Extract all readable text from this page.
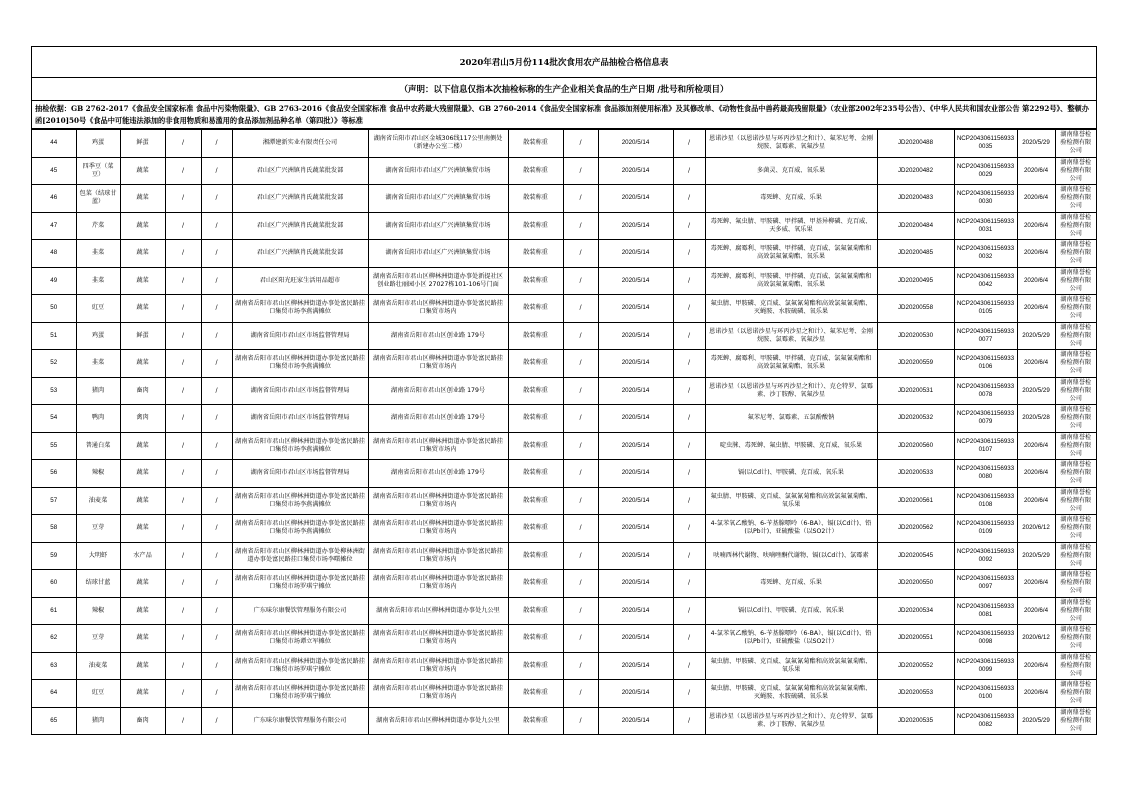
2020年君山5月份114批次食用农产品抽检合格信息表
（声明：以下信息仅指本次抽检标称的生产企业相关食品的生产日期 /批号和所检项目）
抽检依据：GB 2762-2017《食品安全国家标准 食品中污染物限量》、GB 2763-2016《食品安全国家标准 食品中农药最大残留限量》、GB 2760-2014《食品安全国家标准 食品添加剂使用标准》及其修改单、《动物性食品中兽药最高残留限量》（农业部2002年235号公告）、《中华人民共和国农业部公告 第2292号》、整顿办函[2010]50号《食品中可能违法添加的非食用物质和易滥用的食品添加剂品种名单（第四批）》等标准
44	鸡蛋	鲜蛋	/	/	湘潭建新实业有限责任公司	湖南省岳阳市君山区金城306线117公里南侧处（新建办公室二楼）	散装称重	/	2020/5/14	/	恩诺沙星（以恩诺沙星与环丙沙星之和计）、氟苯尼考、金刚烷胺、氯霉素、氧氟沙星	JD20200488	NCP20430611569330035	2020/5/29	湖南鼎誉检验检测有限公司
45	四季豆（菜豆）	蔬菜	/	/	君山区广兴洲镇肖氏蔬菜批发部	湖南省岳阳市君山区广兴洲镇集贸市场	散装称重	/	2020/5/14	/	多菌灵、克百威、氧乐果	JD20200482	NCP20430611569330029	2020/6/4	湖南鼎誉检验检测有限公司
46	包菜（结球甘蓝）	蔬菜	/	/	君山区广兴洲镇肖氏蔬菜批发部	湖南省岳阳市君山区广兴洲镇集贸市场	散装称重	/	2020/5/14	/	毒死蜱、克百威、乐果	JD20200483	NCP20430611569330030	2020/6/4	湖南鼎誉检验检测有限公司
47	芹菜	蔬菜	/	/	君山区广兴洲镇肖氏蔬菜批发部	湖南省岳阳市君山区广兴洲镇集贸市场	散装称重	/	2020/5/14	/	毒死蜱、氟虫腈、甲胺磷、甲拌磷、甲基异柳磷、克百威、天多威、氧乐果	JD20200484	NCP20430611569330031	2020/6/4	湖南鼎誉检验检测有限公司
48	韭菜	蔬菜	/	/	君山区广兴洲镇肖氏蔬菜批发部	湖南省岳阳市君山区广兴洲镇集贸市场	散装称重	/	2020/5/14	/	毒死蜱、腐霉利、甲胺磷、甲拌磷、克百威、氯氟氰菊酯和高效氯氟氰菊酯、氧乐果	JD20200485	NCP20430611569330032	2020/6/4	湖南鼎誉检验检测有限公司
49	韭菜	蔬菜	/	/	君山区阳光旺家生活用品超市	湖南省岳阳市君山区柳林洲街道办事处新提社区创业路壮丽园小区 27027栋101-106号门面	散装称重	/	2020/5/14	/	毒死蜱、腐霉利、甲胺磷、甲拌磷、克百威、氯氟氰菊酯和高效氯氟氰菊酯、氧乐果	JD20200495	NCP20430611569330042	2020/6/4	湖南鼎誉检验检测有限公司
50	豇豆	蔬菜	/	/	湖南省岳阳市君山区柳林洲街道办事处富民路挂口集贸市场李燕满摊位	湖南省岳阳市君山区柳林洲街道办事处富民路挂口集贸市场内	散装称重	/	2020/5/14	/	氟虫腈、甲胺磷、克百威、氯氟氰菊酯和高效氯氟氰菊酯、灭蝇胺、水胺硫磷、氧乐果	JD20200558	NCP20430611569330105	2020/6/4	湖南鼎誉检验检测有限公司
51	鸡蛋	鲜蛋	/	/	湖南省岳阳市君山区市场监督管理局	湖南省岳阳市君山区创业路 179号	散装称重	/	2020/5/14	/	恩诺沙星（以恩诺沙星与环丙沙星之和计）、氟苯尼考、金刚烷胺、氯霉素、氧氟沙星	JD20200530	NCP20430611569330077	2020/5/29	湖南鼎誉检验检测有限公司
52	韭菜	蔬菜	/	/	湖南省岳阳市君山区柳林洲街道办事处富民路挂口集贸市场李燕满摊位	湖南省岳阳市君山区柳林洲街道办事处富民路挂口集贸市场内	散装称重	/	2020/5/14	/	毒死蜱、腐霉利、甲胺磷、甲拌磷、克百威、氯氟氰菊酯和高效氯氟氰菊酯、氧乐果	JD20200559	NCP20430611569330106	2020/6/4	湖南鼎誉检验检测有限公司
53	猪肉	畜肉	/	/	湖南省岳阳市君山区市场监督管理局	湖南省岳阳市君山区创业路 179号	散装称重	/	2020/5/14	/	恩诺沙星（以恩诺沙星与环丙沙星之和计）、克仑特罗、氯霉素、沙丁胺醇、氧氟沙星	JD20200531	NCP20430611569330078	2020/5/29	湖南鼎誉检验检测有限公司
54	鸭肉	禽肉	/	/	湖南省岳阳市君山区市场监督管理局	湖南省岳阳市君山区创业路 179号	散装称重	/	2020/5/14	/	氟苯尼考、氯霉素、五氯酚酸钠	JD20200532	NCP20430611569330079	2020/5/28	湖南鼎誉检验检测有限公司
55	普通白菜	蔬菜	/	/	湖南省岳阳市君山区柳林洲街道办事处富民路挂口集贸市场李燕满摊位	湖南省岳阳市君山区柳林洲街道办事处富民路挂口集贸市场内	散装称重	/	2020/5/14	/	啶虫脒、毒死蜱、氟虫腈、甲胺磷、克百威、氧乐果	JD20200560	NCP20430611569330107	2020/6/4	湖南鼎誉检验检测有限公司
56	辣椒	蔬菜	/	/	湖南省岳阳市君山区市场监督管理局	湖南省岳阳市君山区创业路 179号	散装称重	/	2020/5/14	/	镉(以Cd计)、甲胺磷、克百威、氧乐果	JD20200533	NCP20430611569330080	2020/6/4	湖南鼎誉检验检测有限公司
57	油麦菜	蔬菜	/	/	湖南省岳阳市君山区柳林洲街道办事处富民路挂口集贸市场李燕满摊位	湖南省岳阳市君山区柳林洲街道办事处富民路挂口集贸市场内	散装称重	/	2020/5/14	/	氟虫腈、甲胺磷、克百威、氯氟氰菊酯和高效氯氟氰菊酯、氧乐果	JD20200561	NCP20430611569330108	2020/6/4	湖南鼎誉检验检测有限公司
58	豆芽	蔬菜	/	/	湖南省岳阳市君山区柳林洲街道办事处富民路挂口集贸市场李燕满摊位	湖南省岳阳市君山区柳林洲街道办事处富民路挂口集贸市场内	散装称重	/	2020/5/14	/	4-氯苯氧乙酸钠、6-苄基腺嘌呤（6-BA）、镉(以Cd计)、铅(以Pb计)、亚硫酸盐（以SO2计）	JD20200562	NCP20430611569330109	2020/6/12	湖南鼎誉检验检测有限公司
59	大明虾	水产品	/	/	湖南省岳阳市君山区柳林洲街道办事处柳林洲街道办事处富民路挂口集贸市场李曙摊位	湖南省岳阳市君山区柳林洲街道办事处富民路挂口集贸市场内	散装称重	/	2020/5/14	/	呋喃西林代谢物、呋喃唑酮代谢物、镉(以Cd计)、氯霉素	JD20200545	NCP20430611569330092	2020/5/29	湖南鼎誉检验检测有限公司
60	结球甘蓝	蔬菜	/	/	湖南省岳阳市君山区柳林洲街道办事处富民路挂口集贸市场罗琪宁摊位	湖南省岳阳市君山区柳林洲街道办事处富民路挂口集贸市场内	散装称重	/	2020/5/14	/	毒死蜱、克百威、乐果	JD20200550	NCP20430611569330097	2020/6/4	湖南鼎誉检验检测有限公司
61	辣椒	蔬菜	/	/	广东味尔康餐饮管理服务有限公司	湖南省岳阳市君山区柳林洲街道办事处九公里	散装称重	/	2020/5/14	/	镉(以Cd计)、甲胺磷、克百威、氧乐果	JD20200534	NCP20430611569330081	2020/6/4	湖南鼎誉检验检测有限公司
62	豆芽	蔬菜	/	/	湖南省岳阳市君山区柳林洲街道办事处富民路挂口集贸市场谭立军摊位	湖南省岳阳市君山区柳林洲街道办事处富民路挂口集贸市场内	散装称重	/	2020/5/14	/	4-氯苯氧乙酸钠、6-苄基腺嘌呤（6-BA）、镉(以Cd计)、铅(以Pb计)、亚硫酸盐（以SO2计）	JD20200551	NCP20430611569330098	2020/6/12	湖南鼎誉检验检测有限公司
63	油麦菜	蔬菜	/	/	湖南省岳阳市君山区柳林洲街道办事处富民路挂口集贸市场罗琪宁摊位	湖南省岳阳市君山区柳林洲街道办事处富民路挂口集贸市场内	散装称重	/	2020/5/14	/	氟虫腈、甲胺磷、克百威、氯氟氰菊酯和高效氯氟氰菊酯、氧乐果	JD20200552	NCP20430611569330099	2020/6/4	湖南鼎誉检验检测有限公司
64	豇豆	蔬菜	/	/	湖南省岳阳市君山区柳林洲街道办事处富民路挂口集贸市场罗琪宁摊位	湖南省岳阳市君山区柳林洲街道办事处富民路挂口集贸市场内	散装称重	/	2020/5/14	/	氟虫腈、甲胺磷、克百威、氯氟氰菊酯和高效氯氟氰菊酯、灭蝇胺、水胺硫磷、氧乐果	JD20200553	NCP20430611569330100	2020/6/4	湖南鼎誉检验检测有限公司
65	猪肉	畜肉	/	/	广东味尔康餐饮管理服务有限公司	湖南省岳阳市君山区柳林洲街道办事处九公里	散装称重	/	2020/5/14	/	恩诺沙星（以恩诺沙星与环丙沙星之和计）、克仑特罗、氯霉素、沙丁胺醇、氧氟沙星	JD20200535	NCP20430611569330082	2020/5/29	湖南鼎誉检验检测有限公司
